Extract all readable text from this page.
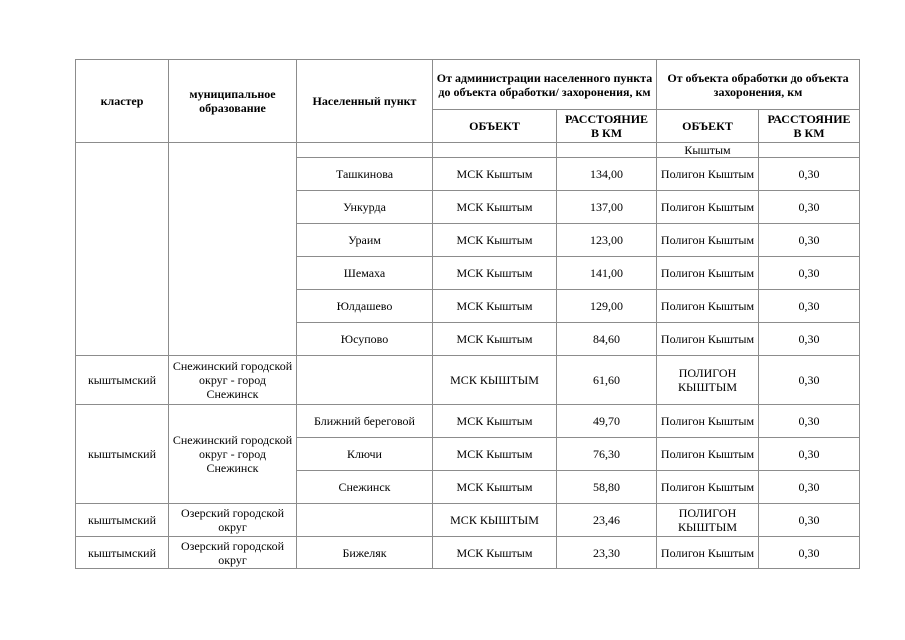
кластер	муниципальное образование	Населенный пункт	От администрации населенного пункта до объекта обработки/ захоронения, км		От объекта обработки до объекта захоронения, км	
			ОБЪЕКТ	РАССТОЯНИЕ В КМ	ОБЪЕКТ	РАССТОЯНИЕ В КМ
					Кыштым	
		Ташкинова	МСК Кыштым	134,00	Полигон Кыштым	0,30
		Ункурда	МСК Кыштым	137,00	Полигон Кыштым	0,30
		Ураим	МСК Кыштым	123,00	Полигон Кыштым	0,30
		Шемаха	МСК Кыштым	141,00	Полигон Кыштым	0,30
		Юлдашево	МСК Кыштым	129,00	Полигон Кыштым	0,30
		Юсупово	МСК Кыштым	84,60	Полигон Кыштым	0,30
кыштымский	Снежинский городской округ - город Снежинск		МСК КЫШТЫМ	61,60	ПОЛИГОН КЫШТЫМ	0,30
кыштымский	Снежинский городской округ - город Снежинск	Ближний береговой	МСК Кыштым	49,70	Полигон Кыштым	0,30
		Ключи	МСК Кыштым	76,30	Полигон Кыштым	0,30
		Снежинск	МСК Кыштым	58,80	Полигон Кыштым	0,30
кыштымский	Озерский городской округ		МСК КЫШТЫМ	23,46	ПОЛИГОН КЫШТЫМ	0,30
кыштымский	Озерский городской округ	Бижеляк	МСК Кыштым	23,30	Полигон Кыштым	0,30
